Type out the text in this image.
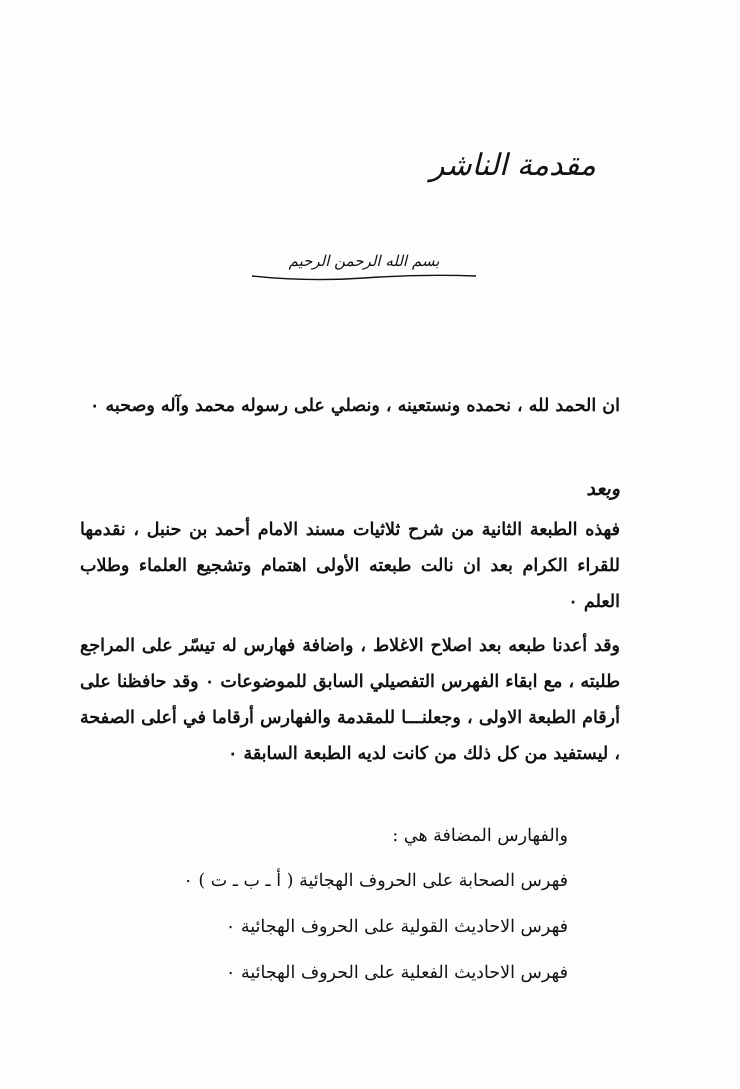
مقدمة الناشر
بسم الله الرحمن الرحيم
ان الحمد لله ، نحمده ونستعينه ، ونصلي على رسوله محمد وآله وصحبه ٠
وبعد
فهذه الطبعة الثانية من شرح ثلاثيات مسند الامام أحمد بن حنبل ، نقدمها للقراء الكرام بعد ان نالت طبعته الأولى اهتمام وتشجيع العلماء وطلاب العلم ٠
وقد أعدنا طبعه بعد اصلاح الاغلاط ، واضافة فهارس له تيسّر على المراجع طلبته ، مع ابقاء الفهرس التفصيلي السابق للموضوعات ٠ وقد حافظنا على أرقام الطبعة الاولى ، وجعلنـــا للمقدمة والفهارس أرقاما في أعلى الصفحة ، ليستفيد من كل ذلك من كانت لديه الطبعة السابقة ٠
والفهارس المضافة هي :
فهرس الصحابة على الحروف الهجائية ( أ ـ ب ـ ت ) ٠
فهرس الاحاديث القولية على الحروف الهجائية ٠
فهرس الاحاديث الفعلية على الحروف الهجائية ٠
